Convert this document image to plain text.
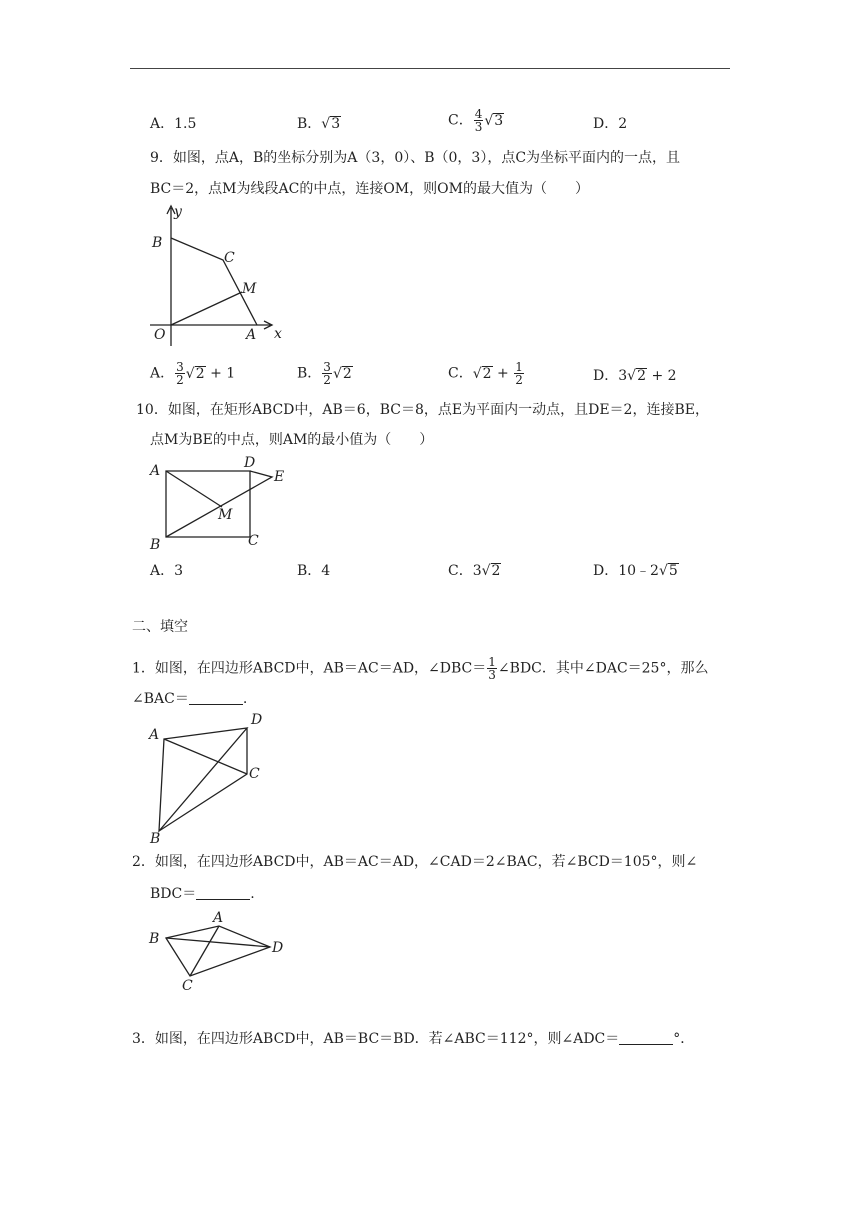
A．1.5	B．√3	C． $\frac{4}{3} √3$	D．2
9．如图，点A，B的坐标分别为A（3，0）、B（0，3），点C为坐标平面内的一点，且
BC＝2，点M为线段AC的中点，连接OM，则OM的最大值为（　　）
y
x
B
C
M
O	A
A． $\frac{3}{2} √2 + 1$	B． $\frac{3}{2} √2$	C．$√2 + \frac{1}{2}$	D．3√2 + 2
10．如图，在矩形ABCD中，AB＝6，BC＝8，点E为平面内一动点，且DE＝2，连接BE，
点M为BE的中点，则AM的最小值为（　　）
A	D
E
M
B	C
A．3	B．4	C．3√2	D．10﹣2√5
二、填空
1．如图，在四边形ABCD中，AB＝AC＝AD，∠DBC＝ $\frac{1}{3}$ ∠BDC．其中∠DAC＝25°，那么
∠BAC＝	.
A
D
C
B
2．如图，在四边形ABCD中，AB＝AC＝AD，∠CAD＝2∠BAC，若∠BCD＝105°，则∠
BDC＝	.
A
B
D
C
3．如图，在四边形ABCD中，AB＝BC＝BD．若∠ABC＝112°，则∠ADC＝	°．
